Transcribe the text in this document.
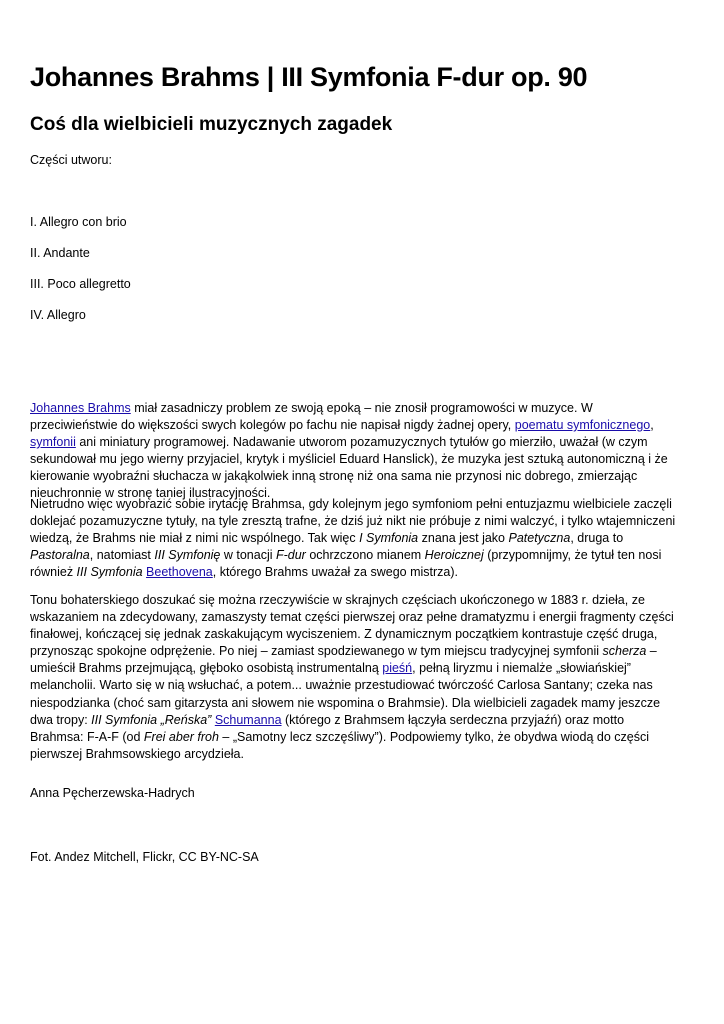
Johannes Brahms | III Symfonia F-dur op. 90
Coś dla wielbicieli muzycznych zagadek
Części utworu:
I. Allegro con brio
II. Andante
III. Poco allegretto
IV. Allegro
Johannes Brahms miał zasadniczy problem ze swoją epoką – nie znosił programowości w muzyce. W przeciwieństwie do większości swych kolegów po fachu nie napisał nigdy żadnej opery, poematu symfonicznego, symfonii ani miniatury programowej. Nadawanie utworom pozamuzycznych tytułów go mierziło, uważał (w czym sekundował mu jego wierny przyjaciel, krytyk i myśliciel Eduard Hanslick), że muzyka jest sztuką autonomiczną i że kierowanie wyobraźni słuchacza w jakąkolwiek inną stronę niż ona sama nie przynosi nic dobrego, zmierzając nieuchronnie w stronę taniej ilustracyjności.
Nietrudno więc wyobrazić sobie irytację Brahmsa, gdy kolejnym jego symfoniom pełni entuzjazmu wielbiciele zaczęli doklejać pozamuzyczne tytuły, na tyle zresztą trafne, że dziś już nikt nie próbuje z nimi walczyć, i tylko wtajemniczeni wiedzą, że Brahms nie miał z nimi nic wspólnego. Tak więc I Symfonia znana jest jako Patetyczna, druga to Pastoralna, natomiast III Symfonię w tonacji F-dur ochrzczono mianem Heroicznej (przypomnijmy, że tytuł ten nosi również III Symfonia Beethovena, którego Brahms uważał za swego mistrza).
Tonu bohaterskiego doszukać się można rzeczywiście w skrajnych częściach ukończonego w 1883 r. dzieła, ze wskazaniem na zdecydowany, zamaszysty temat części pierwszej oraz pełne dramatyzmu i energii fragmenty części finałowej, kończącej się jednak zaskakującym wyciszeniem. Z dynamicznym początkiem kontrastuje część druga, przynosząc spokojne odprężenie. Po niej – zamiast spodziewanego w tym miejscu tradycyjnej symfonii scherza – umieścił Brahms przejmującą, głęboko osobistą instrumentalną pieśń, pełną liryzmu i niemalże „słowiańskiej” melancholii. Warto się w nią wsłuchać, a potem... uważnie przestudiować twórczość Carlosa Santany; czeka nas niespodzianka (choć sam gitarzysta ani słowem nie wspomina o Brahmsie). Dla wielbicieli zagadek mamy jeszcze dwa tropy: III Symfonia „Reńska” Schumanna (którego z Brahmsem łączyła serdeczna przyjaźń) oraz motto Brahmsa: F-A-F (od Frei aber froh – „Samotny lecz szczęśliwy”). Podpowiemy tylko, że obydwa wiodą do części pierwszej Brahmsowskiego arcydzieła.
Anna Pęcherzewska-Hadrych
Fot. Andez Mitchell, Flickr, CC BY-NC-SA
